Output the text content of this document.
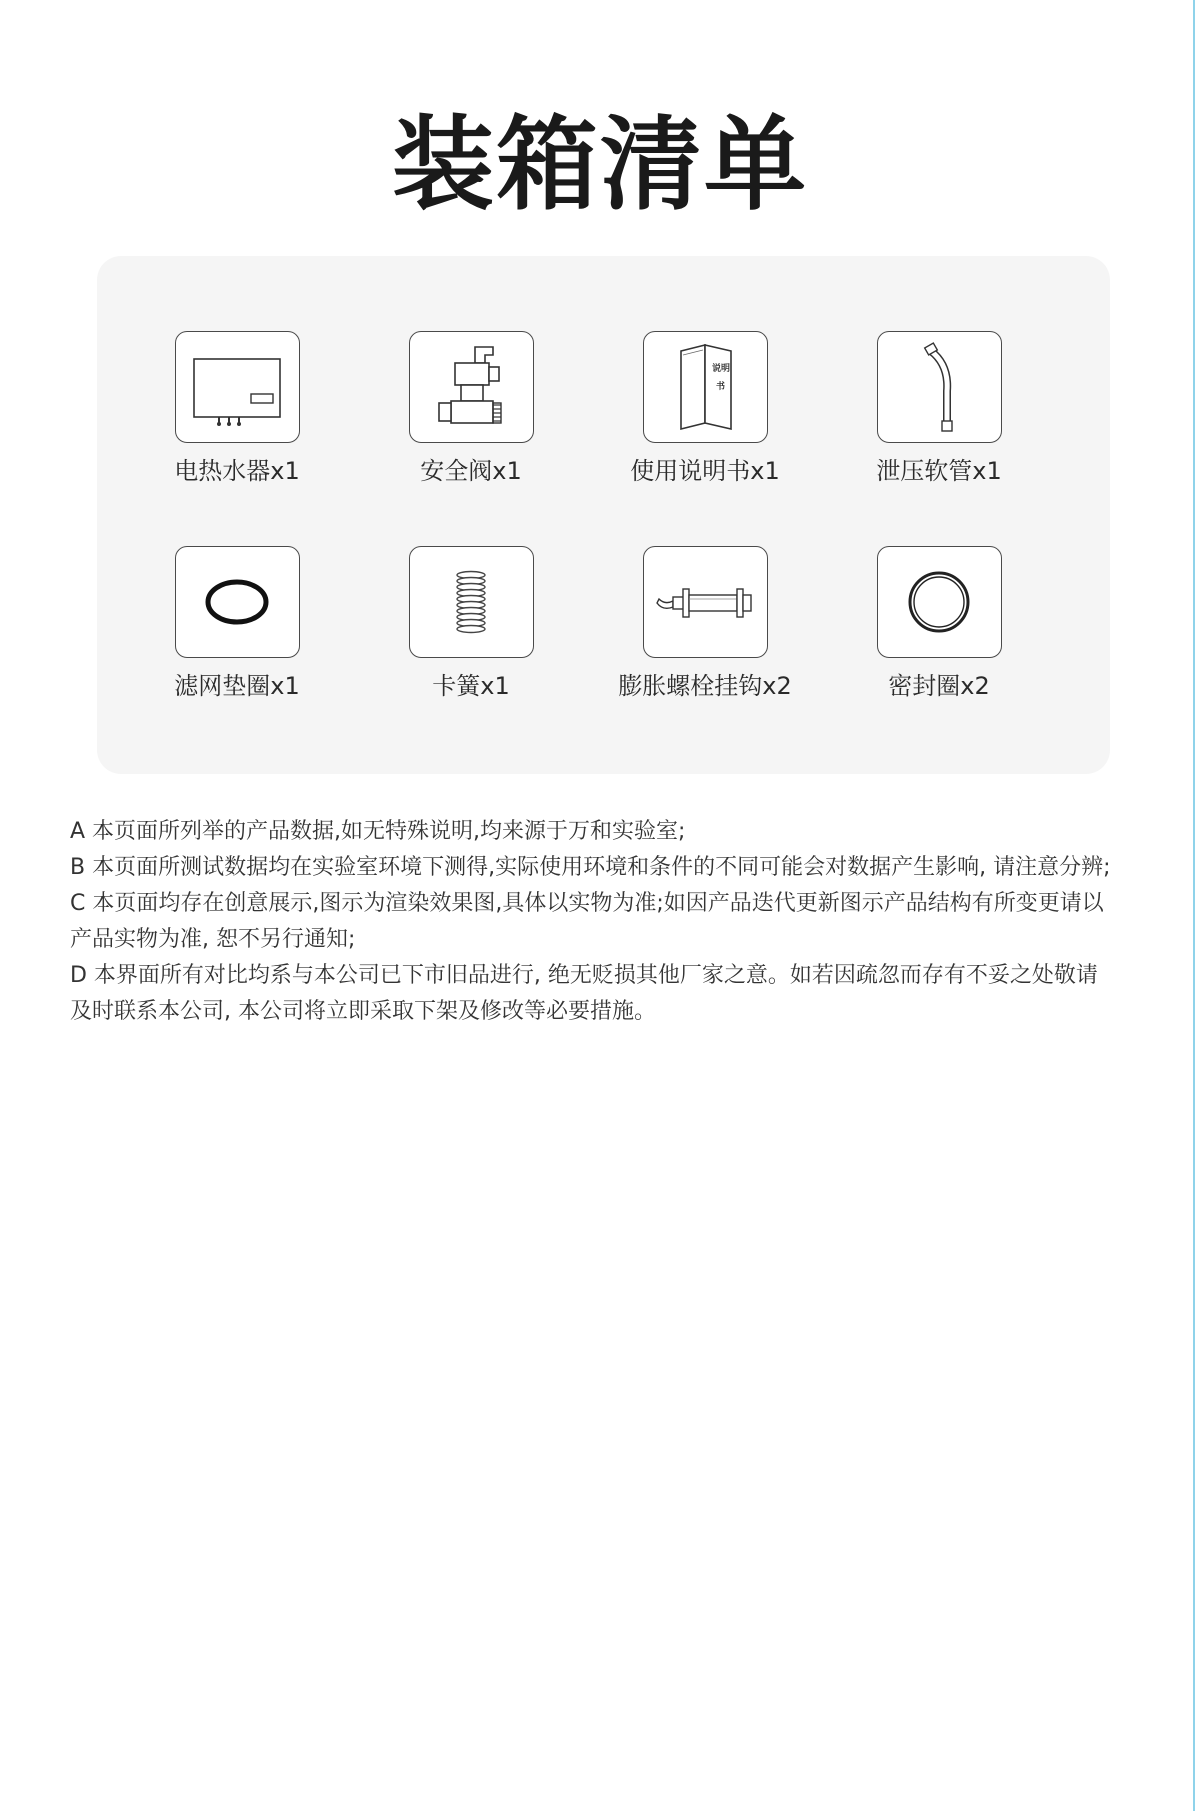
装箱清单
电热水器x1	安全阀x1
说明
书
使用说明书x1	泄压软管x1
滤网垫圈x1	卡簧x1	膨胀螺栓挂钩x2	密封圈x2
A 本页面所列举的产品数据,如无特殊说明,均来源于万和实验室;
B 本页面所测试数据均在实验室环境下测得,实际使用环境和条件的不同可能会对数据产生影响, 请注意分辨;
C 本页面均存在创意展示,图示为渲染效果图,具体以实物为准;如因产品迭代更新图示产品结构有所变更请以
产品实物为准, 恕不另行通知;
D 本界面所有对比均系与本公司已下市旧品进行, 绝无贬损其他厂家之意。如若因疏忽而存有不妥之处敬请
及时联系本公司, 本公司将立即采取下架及修改等必要措施。
